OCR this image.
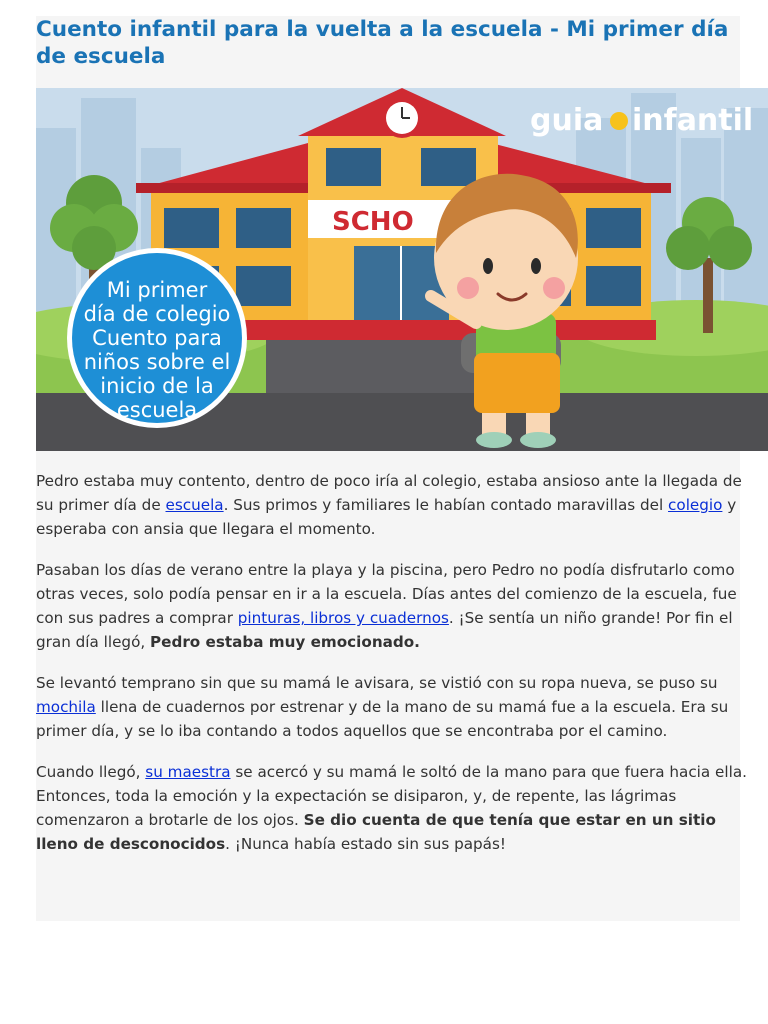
Cuento infantil para la vuelta a la escuela - Mi primer día de escuela
SCHO
Mi primer
día de colegio
Cuento para
niños sobre el
inicio de la
escuela
guia infantil

Pedro estaba muy contento, dentro de poco iría al colegio, estaba ansioso ante la llegada de su primer día de escuela. Sus primos y familiares le habían contado maravillas del colegio y esperaba con ansia que llegara el momento.

Pasaban los días de verano entre la playa y la piscina, pero Pedro no podía disfrutarlo como otras veces, solo podía pensar en ir a la escuela. Días antes del comienzo de la escuela, fue con sus padres a comprar pinturas, libros y cuadernos. ¡Se sentía un niño grande! Por fin el gran día llegó, Pedro estaba muy emocionado.

Se levantó temprano sin que su mamá le avisara, se vistió con su ropa nueva, se puso su mochila llena de cuadernos por estrenar y de la mano de su mamá fue a la escuela. Era su primer día, y se lo iba contando a todos aquellos que se encontraba por el camino.

Cuando llegó, su maestra se acercó y su mamá le soltó de la mano para que fuera hacia ella. Entonces, toda la emoción y la expectación se disiparon, y, de repente, las lágrimas comenzaron a brotarle de los ojos. Se dio cuenta de que tenía que estar en un sitio lleno de desconocidos. ¡Nunca había estado sin sus papás!
